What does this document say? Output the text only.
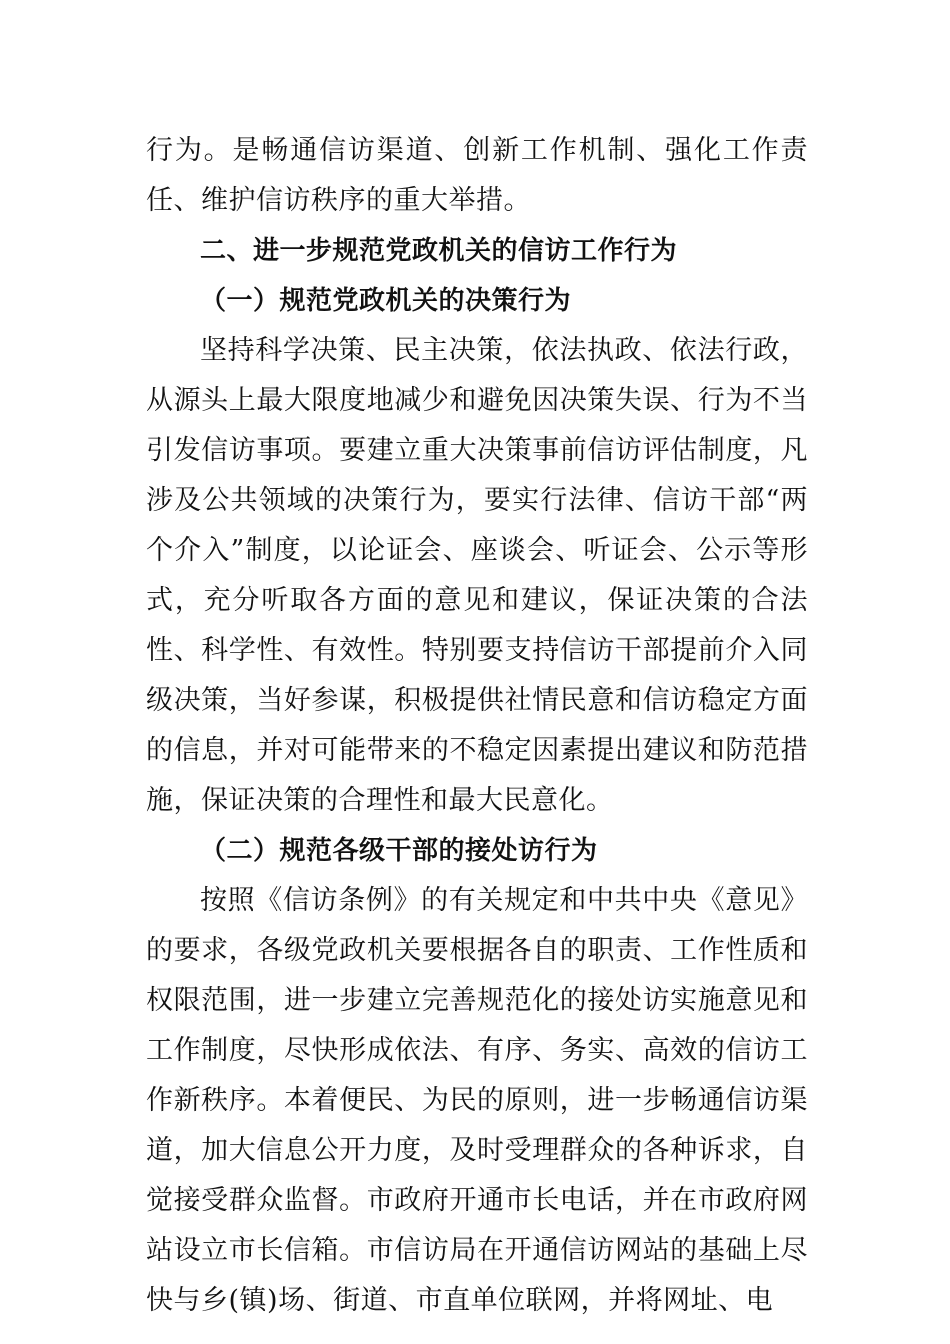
行为。是畅通信访渠道、创新工作机制、强化工作责任、维护信访秩序的重大举措。

二、进一步规范党政机关的信访工作行为

（一）规范党政机关的决策行为

坚持科学决策、民主决策，依法执政、依法行政，从源头上最大限度地减少和避免因决策失误、行为不当引发信访事项。要建立重大决策事前信访评估制度，凡涉及公共领域的决策行为，要实行法律、信访干部“两个介入”制度，以论证会、座谈会、听证会、公示等形式，充分听取各方面的意见和建议，保证决策的合法性、科学性、有效性。特别要支持信访干部提前介入同级决策，当好参谋，积极提供社情民意和信访稳定方面的信息，并对可能带来的不稳定因素提出建议和防范措施，保证决策的合理性和最大民意化。

（二）规范各级干部的接处访行为

按照《信访条例》的有关规定和中共中央《意见》的要求，各级党政机关要根据各自的职责、工作性质和权限范围，进一步建立完善规范化的接处访实施意见和工作制度，尽快形成依法、有序、务实、高效的信访工作新秩序。本着便民、为民的原则，进一步畅通信访渠道，加大信息公开力度，及时受理群众的各种诉求，自觉接受群众监督。市政府开通市长电话，并在市政府网站设立市长信箱。市信访局在开通信访网站的基础上尽快与乡(镇)场、街道、市直单位联网，并将网址、电
